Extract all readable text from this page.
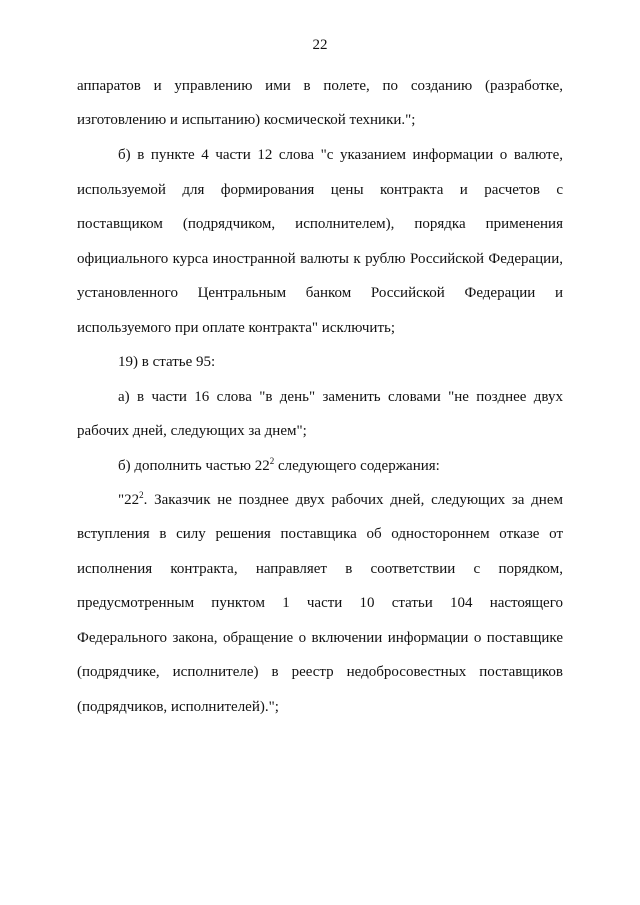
22
аппаратов и управлению ими в полете, по созданию (разработке,
изготовлению и испытанию) космической техники.";
б) в пункте 4 части 12 слова "с указанием информации о валюте,
используемой для формирования цены контракта и расчетов с
поставщиком (подрядчиком, исполнителем), порядка применения
официального курса иностранной валюты к рублю Российской Федерации,
установленного Центральным банком Российской Федерации и
используемого при оплате контракта" исключить;
19) в статье 95:
а) в части 16 слова "в день" заменить словами "не позднее двух
рабочих дней, следующих за днем";
б) дополнить частью $22^2$ следующего содержания:
"$22^2$. Заказчик не позднее двух рабочих дней, следующих за днем
вступления в силу решения поставщика об одностороннем отказе от
исполнения контракта, направляет в соответствии с порядком,
предусмотренным пунктом 1 части 10 статьи 104 настоящего
Федерального закона, обращение о включении информации о поставщике
(подрядчике, исполнителе) в реестр недобросовестных поставщиков
(подрядчиков, исполнителей).";
